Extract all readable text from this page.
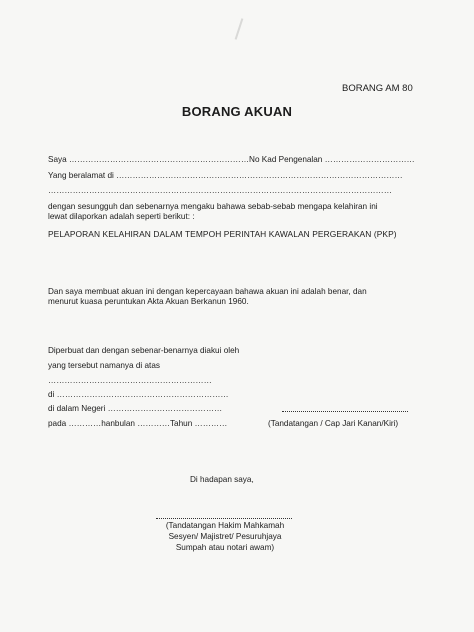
BORANG AM 80
BORANG AKUAN
Saya …………………………………………………………No Kad Pengenalan ……………………………
Yang beralamat di ……………………………………………………………………………………………
………………………………………………………………………………………………………………
dengan sesungguh dan sebenarnya mengaku bahawa sebab-sebab mengapa kelahiran ini
lewat dilaporkan adalah seperti berikut: :
PELAPORAN KELAHIRAN DALAM TEMPOH PERINTAH KAWALAN PERGERAKAN (PKP)
Dan saya membuat akuan ini dengan kepercayaan bahawa akuan ini adalah benar, dan
menurut kuasa peruntukan Akta Akuan Berkanun 1960.
Diperbuat dan dengan sebenar-benarnya diakui oleh
yang tersebut namanya di atas
……………………………………………………
di ………………………………………………………
di dalam Negeri ……………………………………
pada …………hanbulan …………Tahun …………	(Tandatangan / Cap Jari Kanan/Kiri)
Di hadapan saya,
(Tandatangan Hakim Mahkamah
Sesyen/ Majistret/ Pesuruhjaya
Sumpah atau notari awam)
